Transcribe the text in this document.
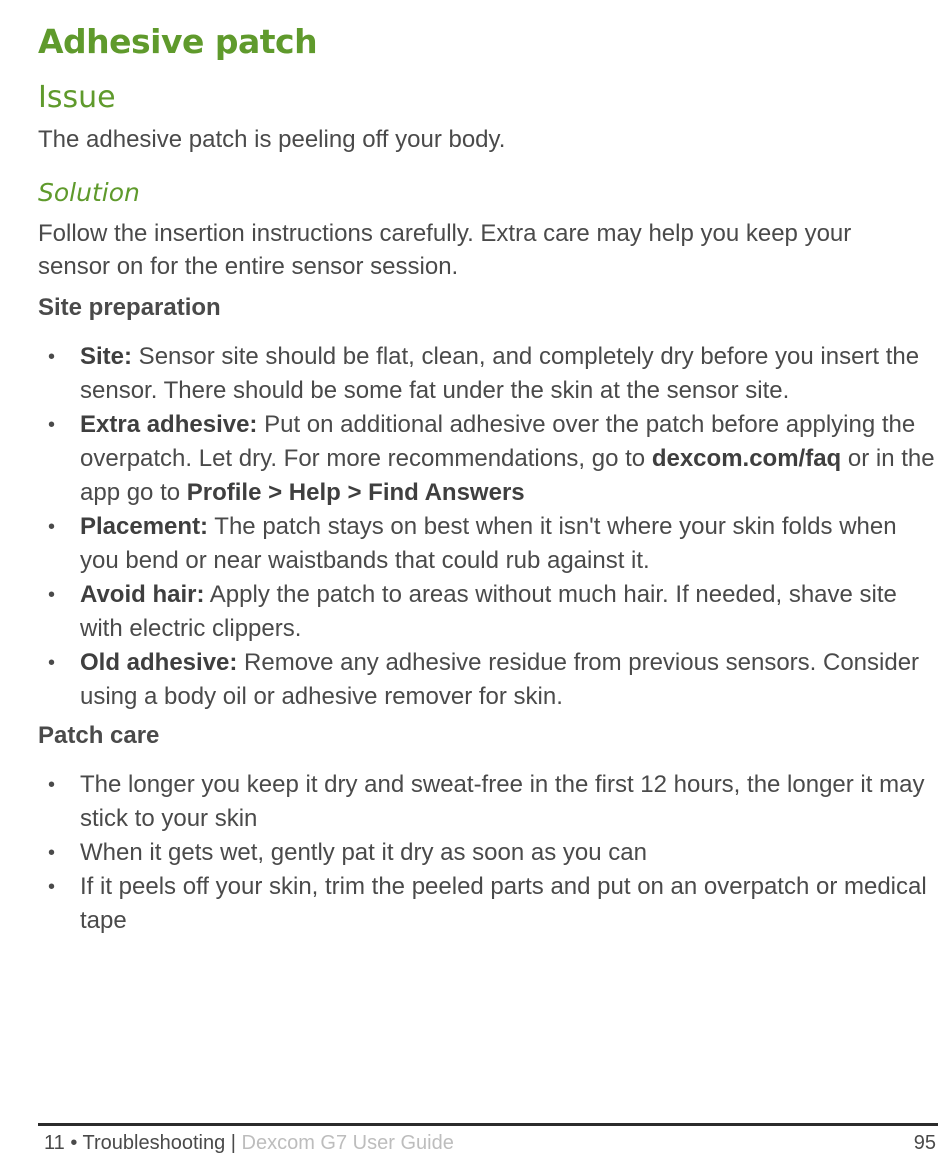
Adhesive patch
Issue
The adhesive patch is peeling off your body.
Solution
Follow the insertion instructions carefully. Extra care may help you keep your sensor on for the entire sensor session.
Site preparation
• Site: Sensor site should be flat, clean, and completely dry before you insert the sensor. There should be some fat under the skin at the sensor site.
• Extra adhesive: Put on additional adhesive over the patch before applying the overpatch. Let dry. For more recommendations, go to dexcom.com/faq or in the app go to Profile > Help > Find Answers
• Placement: The patch stays on best when it isn't where your skin folds when you bend or near waistbands that could rub against it.
• Avoid hair: Apply the patch to areas without much hair. If needed, shave site with electric clippers.
• Old adhesive: Remove any adhesive residue from previous sensors. Consider using a body oil or adhesive remover for skin.
Patch care
• The longer you keep it dry and sweat-free in the first 12 hours, the longer it may stick to your skin
• When it gets wet, gently pat it dry as soon as you can
• If it peels off your skin, trim the peeled parts and put on an overpatch or medical tape
11 • Troubleshooting | Dexcom G7 User Guide	95
